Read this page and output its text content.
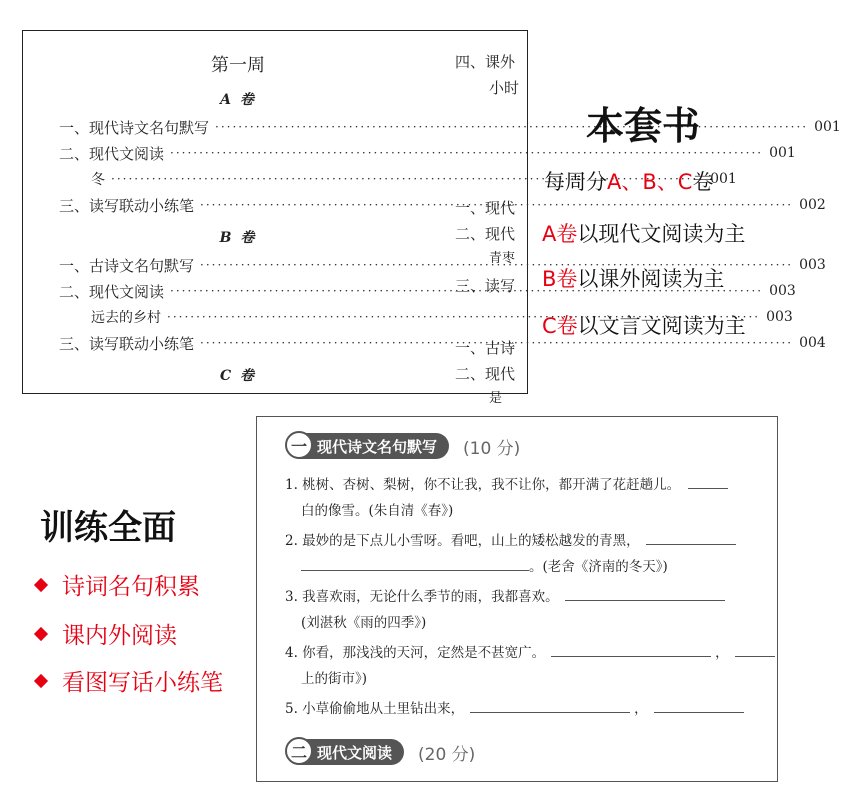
第一周
A 卷
一、现代诗文名句默写 ·····	001
二、现代文阅读 ·····	001
冬 ·····	001
三、读写联动小练笔 ·····	002
B 卷
一、古诗文名句默写 ·····	003
二、现代文阅读 ·····	003
远去的乡村 ·····	003
三、读写联动小练笔 ·····	004
C 卷
四、课外
小时
一、现代
二、现代
青枣
三、读写
一、古诗
二、现代
是
本套书
每周分A、B、C卷
A卷以现代文阅读为主
B卷以课外阅读为主
C卷以文言文阅读为主
训练全面
诗词名句积累
课内外阅读
看图写话小练笔
一 现代诗文名句默写 (10 分)
1. 桃树、杏树、梨树，你不让我，我不让你，都开满了花赶趟儿。
白的像雪。(朱自清《春》)
2. 最妙的是下点儿小雪呀。看吧，山上的矮松越发的青黑，
。(老舍《济南的冬天》)
3. 我喜欢雨，无论什么季节的雨，我都喜欢。
(刘湛秋《雨的四季》)
4. 你看，那浅浅的天河，定然是不甚宽广。	，
上的街市》)
5. 小草偷偷地从土里钻出来，	，
二 现代文阅读 (20 分)
